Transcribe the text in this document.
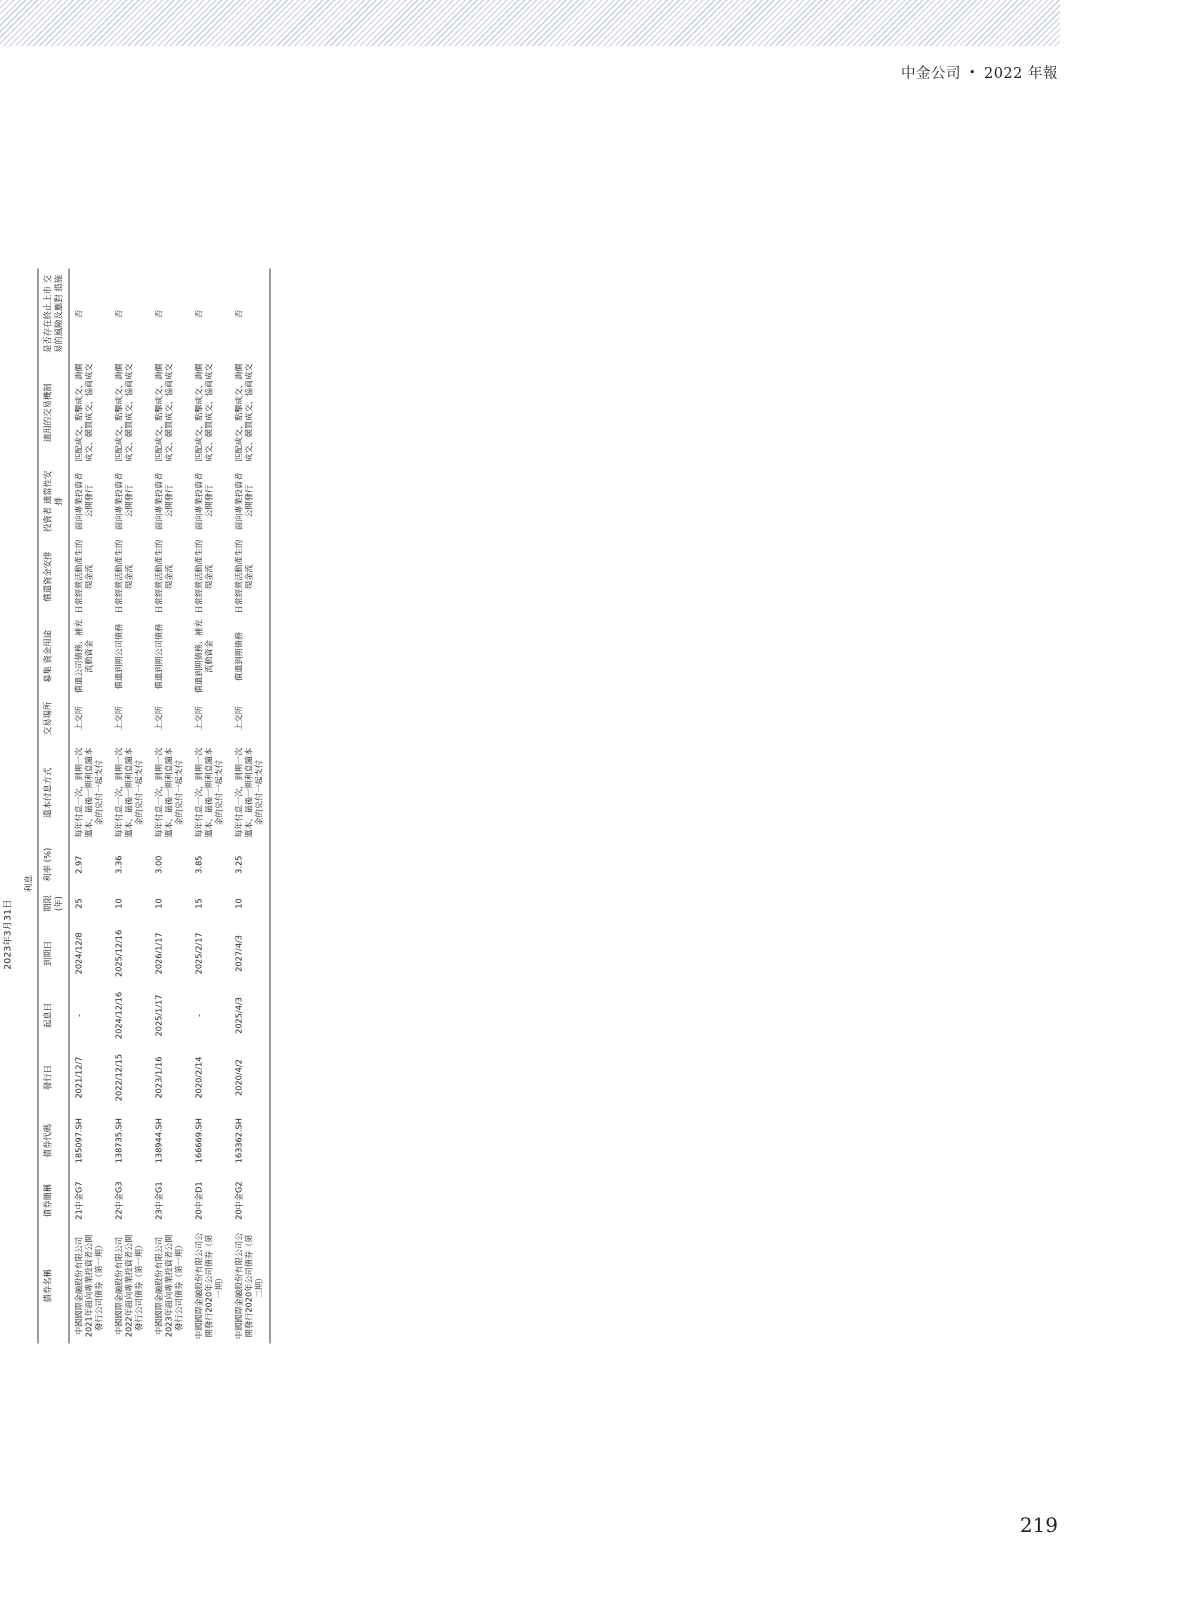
中金公司 • 2022 年報
					2023年3月31日									
						利息								

債券名稱	債券簡稱	債券代碼	發行日	起息日	到期日	期限 (年)	利率 (%)	還本付息方式	交易場所	募集 資金用途	償還資金安排	投資者 適當性安排	適用的交易機制	是否存在終止上市 交易的風險及應對 措施
中國國際金融股份有限公司2021年面向專業投資者公開發行公司債券（第一期）	21中金G7	185097.SH	2021/12/7	-	2024/12/8	25	2.97	每年付息一次，到期一次還本，最後一期利息隨本金的兑付一起支付	上交所	償還公司債務、補充流動資金	日常經營活動產生的現金流	面向專業投資者公開發行	匹配成交、點擊成交、詢價成交、競買成交、協商成交	否
中國國際金融股份有限公司2022年面向專業投資者公開發行公司債券（第一期）	22中金G3	138735.SH	2022/12/15	2024/12/16	2025/12/16	10	3.36	每年付息一次，到期一次還本，最後一期利息隨本金的兑付一起支付	上交所	償還到期公司債務	日常經營活動產生的現金流	面向專業投資者公開發行	匹配成交、點擊成交、詢價成交、競買成交、協商成交	否
中國國際金融股份有限公司2023年面向專業投資者公開發行公司債券（第一期）	23中金G1	138944.SH	2023/1/16	2025/1/17	2026/1/17	10	3.00	每年付息一次，到期一次還本，最後一期利息隨本金的兑付一起支付	上交所	償還到期公司債務	日常經營活動產生的現金流	面向專業投資者公開發行	匹配成交、點擊成交、詢價成交、競買成交、協商成交	否
中國國際金融股份有限公司公開發行2020年公司債券（第一期）	20中金D1	166669.SH	2020/2/14	-	2025/2/17	15	3.85	每年付息一次，到期一次還本，最後一期利息隨本金的兑付一起支付	上交所	償還到期債務、補充流動資金	日常經營活動產生的現金流	面向專業投資者公開發行	匹配成交、點擊成交、詢價成交、競買成交、協商成交	否
中國國際金融股份有限公司公開發行2020年公司債券（第二期）	20中金G2	163362.SH	2020/4/2	2025/4/3	2027/4/3	10	3.25	每年付息一次，到期一次還本，最後一期利息隨本金的兑付一起支付	上交所	償還到期債務	日常經營活動產生的現金流	面向專業投資者公開發行	匹配成交、點擊成交、詢價成交、競買成交、協商成交	否

219
